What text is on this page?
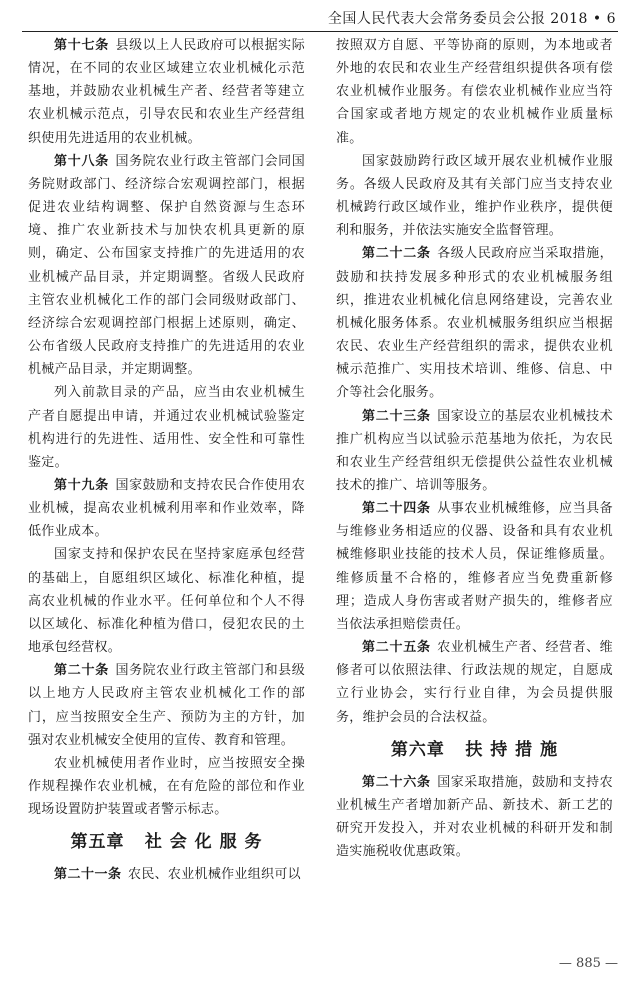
全国人民代表大会常务委员会公报 2018 • 6

第十七条 县级以上人民政府可以根据实际情况，在不同的农业区域建立农业机械化示范基地，并鼓励农业机械生产者、经营者等建立农业机械示范点，引导农民和农业生产经营组织使用先进适用的农业机械。

第十八条 国务院农业行政主管部门会同国务院财政部门、经济综合宏观调控部门，根据促进农业结构调整、保护自然资源与生态环境、推广农业新技术与加快农机具更新的原则，确定、公布国家支持推广的先进适用的农业机械产品目录，并定期调整。省级人民政府主管农业机械化工作的部门会同级财政部门、经济综合宏观调控部门根据上述原则，确定、公布省级人民政府支持推广的先进适用的农业机械产品目录，并定期调整。

列入前款目录的产品，应当由农业机械生产者自愿提出申请，并通过农业机械试验鉴定机构进行的先进性、适用性、安全性和可靠性鉴定。

第十九条 国家鼓励和支持农民合作使用农业机械，提高农业机械利用率和作业效率，降低作业成本。

国家支持和保护农民在坚持家庭承包经营的基础上，自愿组织区域化、标准化种植，提高农业机械的作业水平。任何单位和个人不得以区域化、标准化种植为借口，侵犯农民的土地承包经营权。

第二十条 国务院农业行政主管部门和县级以上地方人民政府主管农业机械化工作的部门，应当按照安全生产、预防为主的方针，加强对农业机械安全使用的宣传、教育和管理。

农业机械使用者作业时，应当按照安全操作规程操作农业机械，在有危险的部位和作业现场设置防护装置或者警示标志。

第五章 社 会 化 服 务

第二十一条 农民、农业机械作业组织可以

按照双方自愿、平等协商的原则，为本地或者外地的农民和农业生产经营组织提供各项有偿农业机械作业服务。有偿农业机械作业应当符合国家或者地方规定的农业机械作业质量标准。

国家鼓励跨行政区域开展农业机械作业服务。各级人民政府及其有关部门应当支持农业机械跨行政区域作业，维护作业秩序，提供便利和服务，并依法实施安全监督管理。

第二十二条 各级人民政府应当采取措施，鼓励和扶持发展多种形式的农业机械服务组织，推进农业机械化信息网络建设，完善农业机械化服务体系。农业机械服务组织应当根据农民、农业生产经营组织的需求，提供农业机械示范推广、实用技术培训、维修、信息、中介等社会化服务。

第二十三条 国家设立的基层农业机械技术推广机构应当以试验示范基地为依托，为农民和农业生产经营组织无偿提供公益性农业机械技术的推广、培训等服务。

第二十四条 从事农业机械维修，应当具备与维修业务相适应的仪器、设备和具有农业机械维修职业技能的技术人员，保证维修质量。维修质量不合格的，维修者应当免费重新修理；造成人身伤害或者财产损失的，维修者应当依法承担赔偿责任。

第二十五条 农业机械生产者、经营者、维修者可以依照法律、行政法规的规定，自愿成立行业协会，实行行业自律，为会员提供服务，维护会员的合法权益。

第六章 扶 持 措 施

第二十六条 国家采取措施，鼓励和支持农业机械生产者增加新产品、新技术、新工艺的研究开发投入，并对农业机械的科研开发和制造实施税收优惠政策。

— 885 —
